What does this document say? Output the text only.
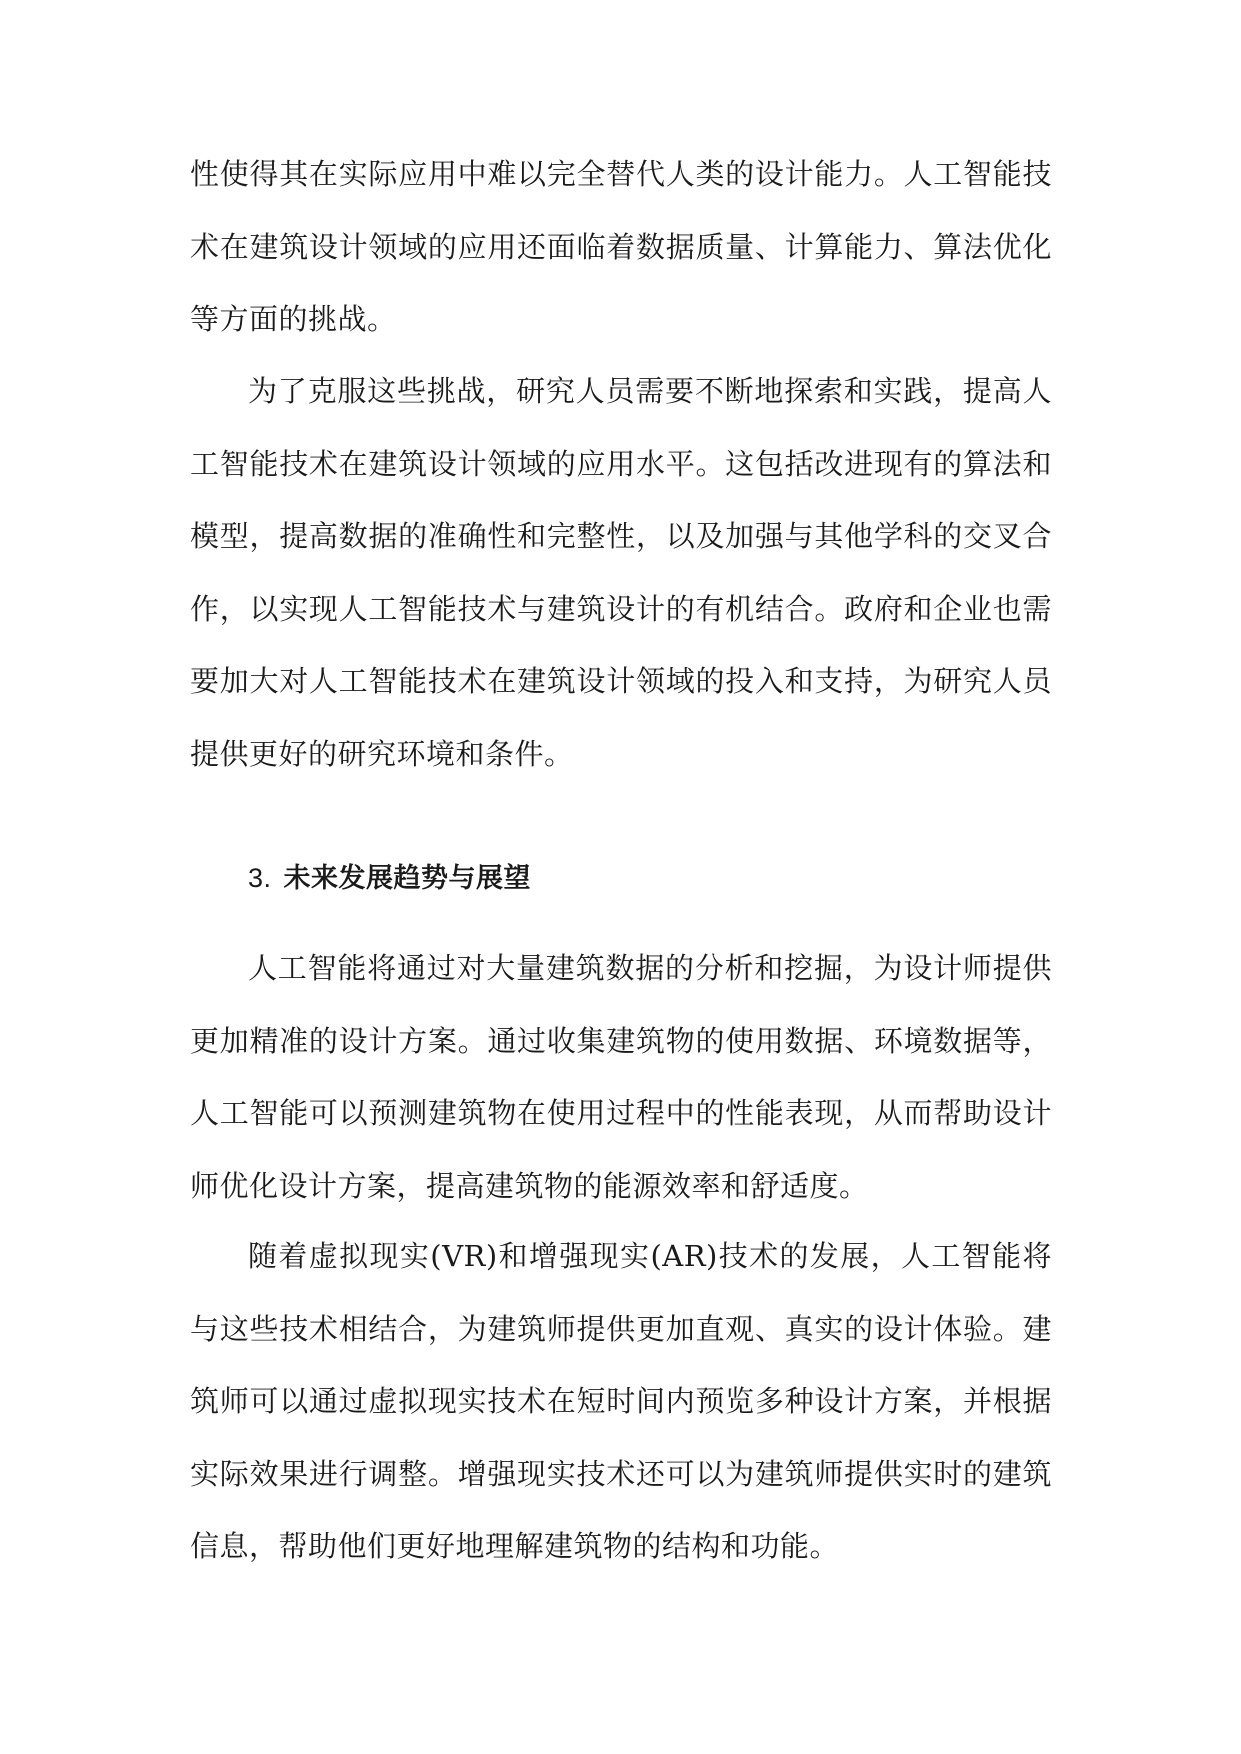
性使得其在实际应用中难以完全替代人类的设计能力。人工智能技术在建筑设计领域的应用还面临着数据质量、计算能力、算法优化等方面的挑战。

为了克服这些挑战，研究人员需要不断地探索和实践，提高人工智能技术在建筑设计领域的应用水平。这包括改进现有的算法和模型，提高数据的准确性和完整性，以及加强与其他学科的交叉合作，以实现人工智能技术与建筑设计的有机结合。政府和企业也需要加大对人工智能技术在建筑设计领域的投入和支持，为研究人员提供更好的研究环境和条件。

3. 未来发展趋势与展望

人工智能将通过对大量建筑数据的分析和挖掘，为设计师提供更加精准的设计方案。通过收集建筑物的使用数据、环境数据等，人工智能可以预测建筑物在使用过程中的性能表现，从而帮助设计师优化设计方案，提高建筑物的能源效率和舒适度。

随着虚拟现实(VR)和增强现实(AR)技术的发展，人工智能将与这些技术相结合，为建筑师提供更加直观、真实的设计体验。建筑师可以通过虚拟现实技术在短时间内预览多种设计方案，并根据实际效果进行调整。增强现实技术还可以为建筑师提供实时的建筑信息，帮助他们更好地理解建筑物的结构和功能。
